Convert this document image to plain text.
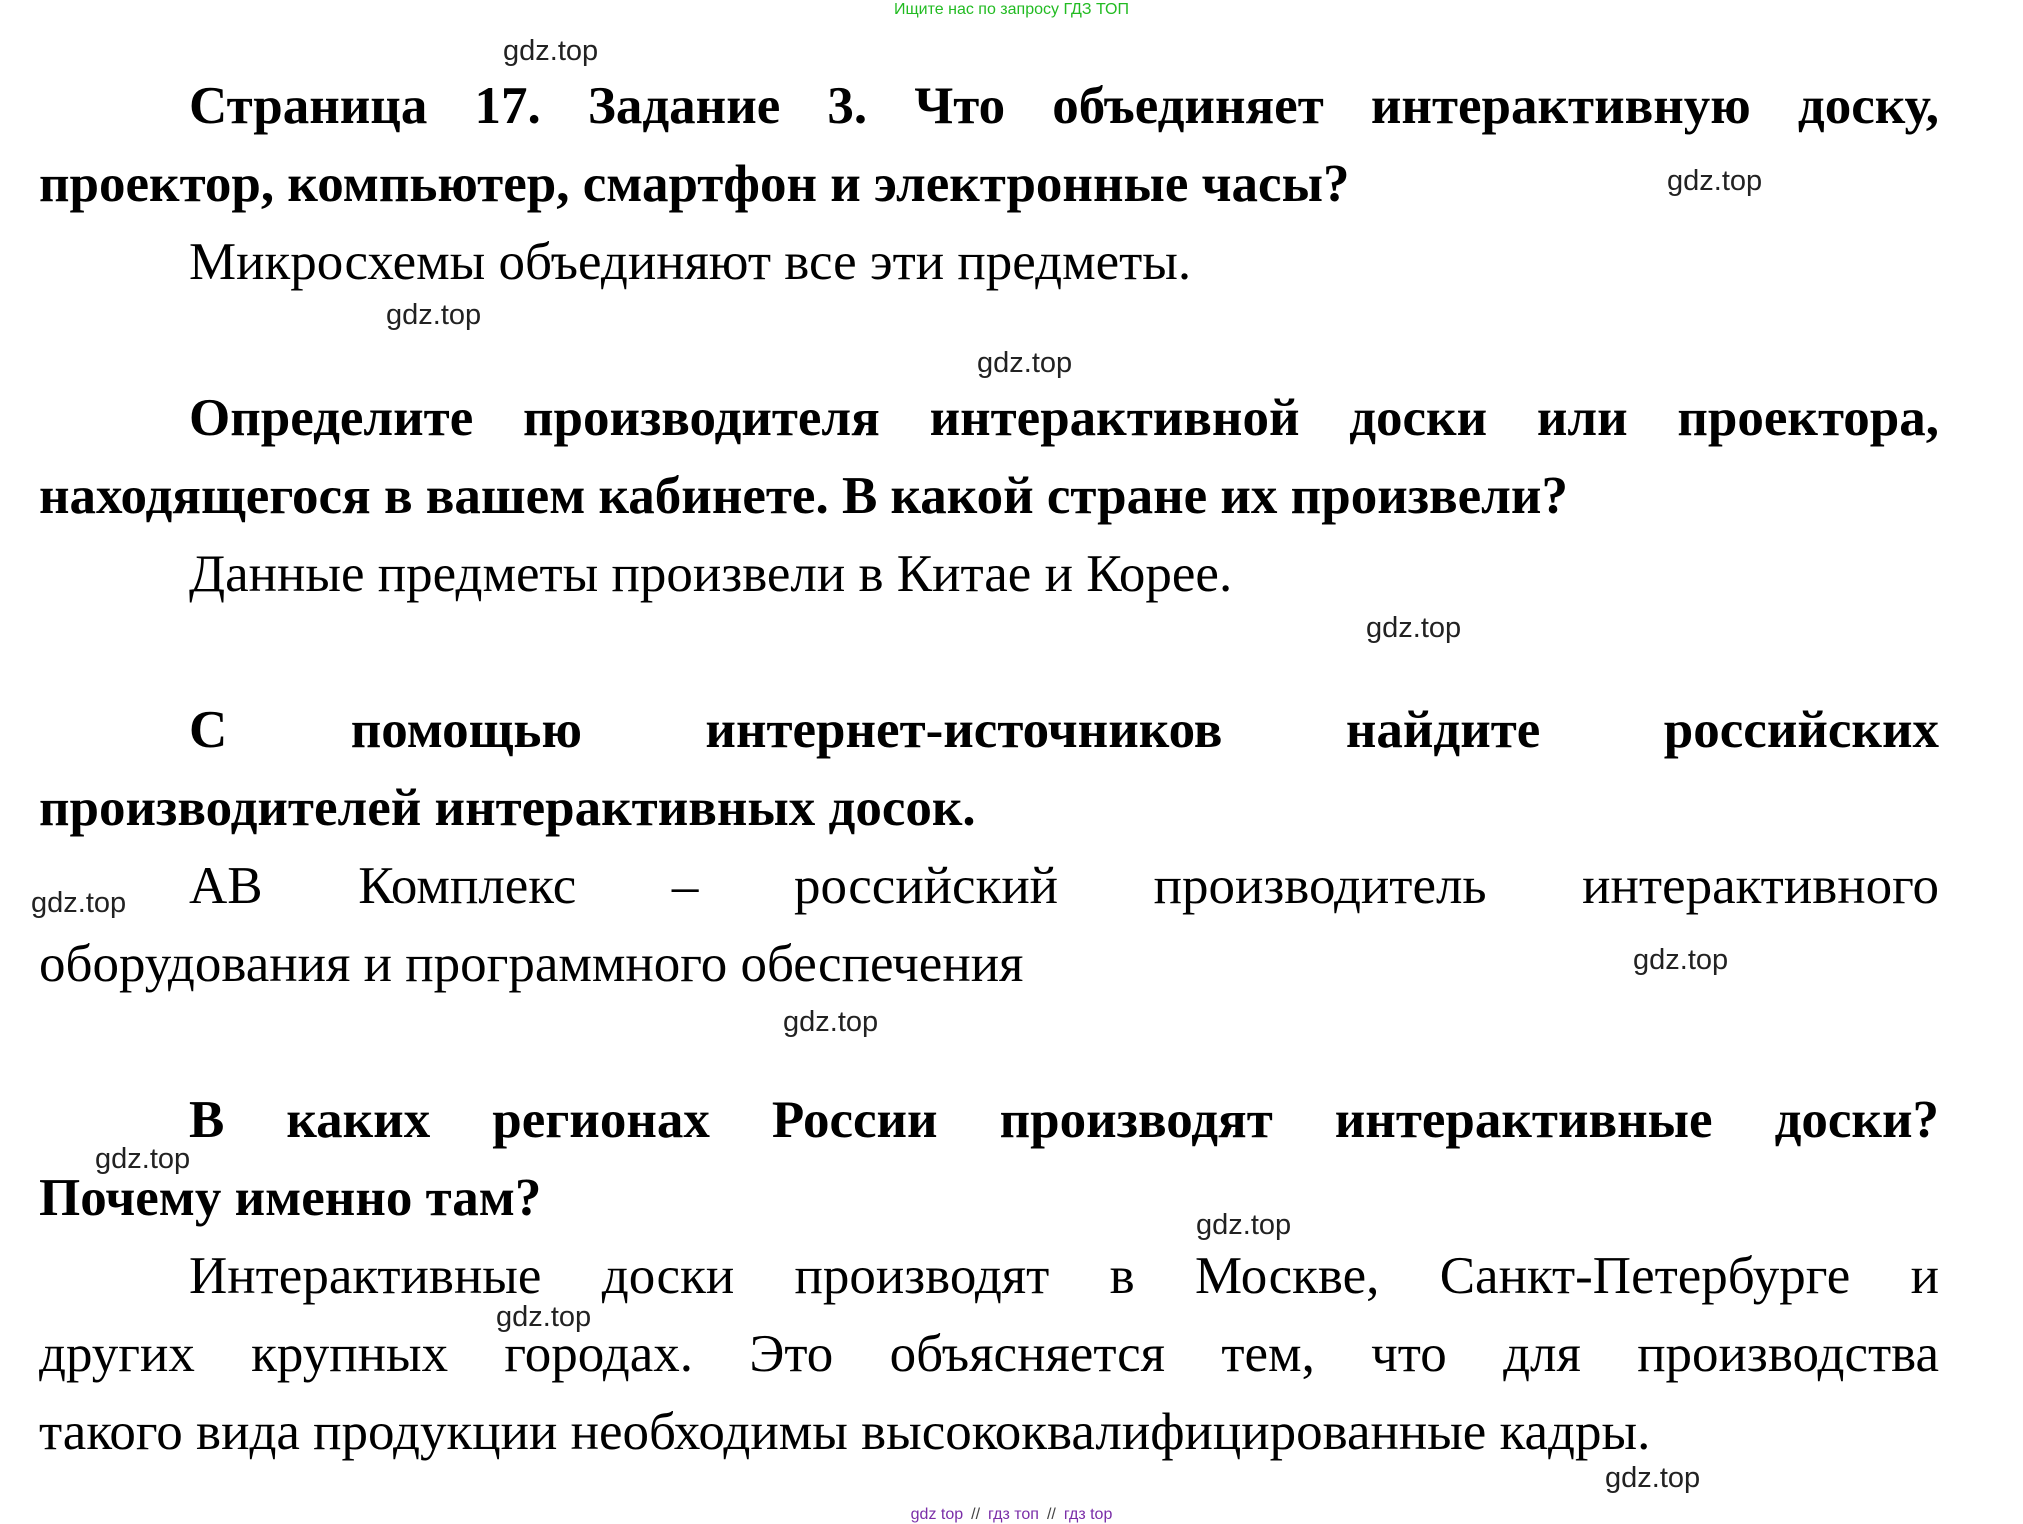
Ищите нас по запросу ГДЗ ТОП
Страница 17. Задание 3. Что объединяет интерактивную доску,
проектор, компьютер, смартфон и электронные часы?
Микросхемы объединяют все эти предметы.
Определите производителя интерактивной доски или проектора,
находящегося в вашем кабинете. В какой стране их произвели?
Данные предметы произвели в Китае и Корее.
С помощью интернет-источников найдите российских
производителей интерактивных досок.
АВ Комплекс – российский производитель интерактивного
оборудования и программного обеспечения
В каких регионах России производят интерактивные доски?
Почему именно там?
Интерактивные доски производят в Москве, Санкт-Петербурге и
других крупных городах. Это объясняется тем, что для производства
такого вида продукции необходимы высококвалифицированные кадры.
gdz.top
gdz.top
gdz.top
gdz.top
gdz.top
gdz.top
gdz.top
gdz.top
gdz.top
gdz.top
gdz.top
gdz.top
gdz top // гдз топ // гдз top
